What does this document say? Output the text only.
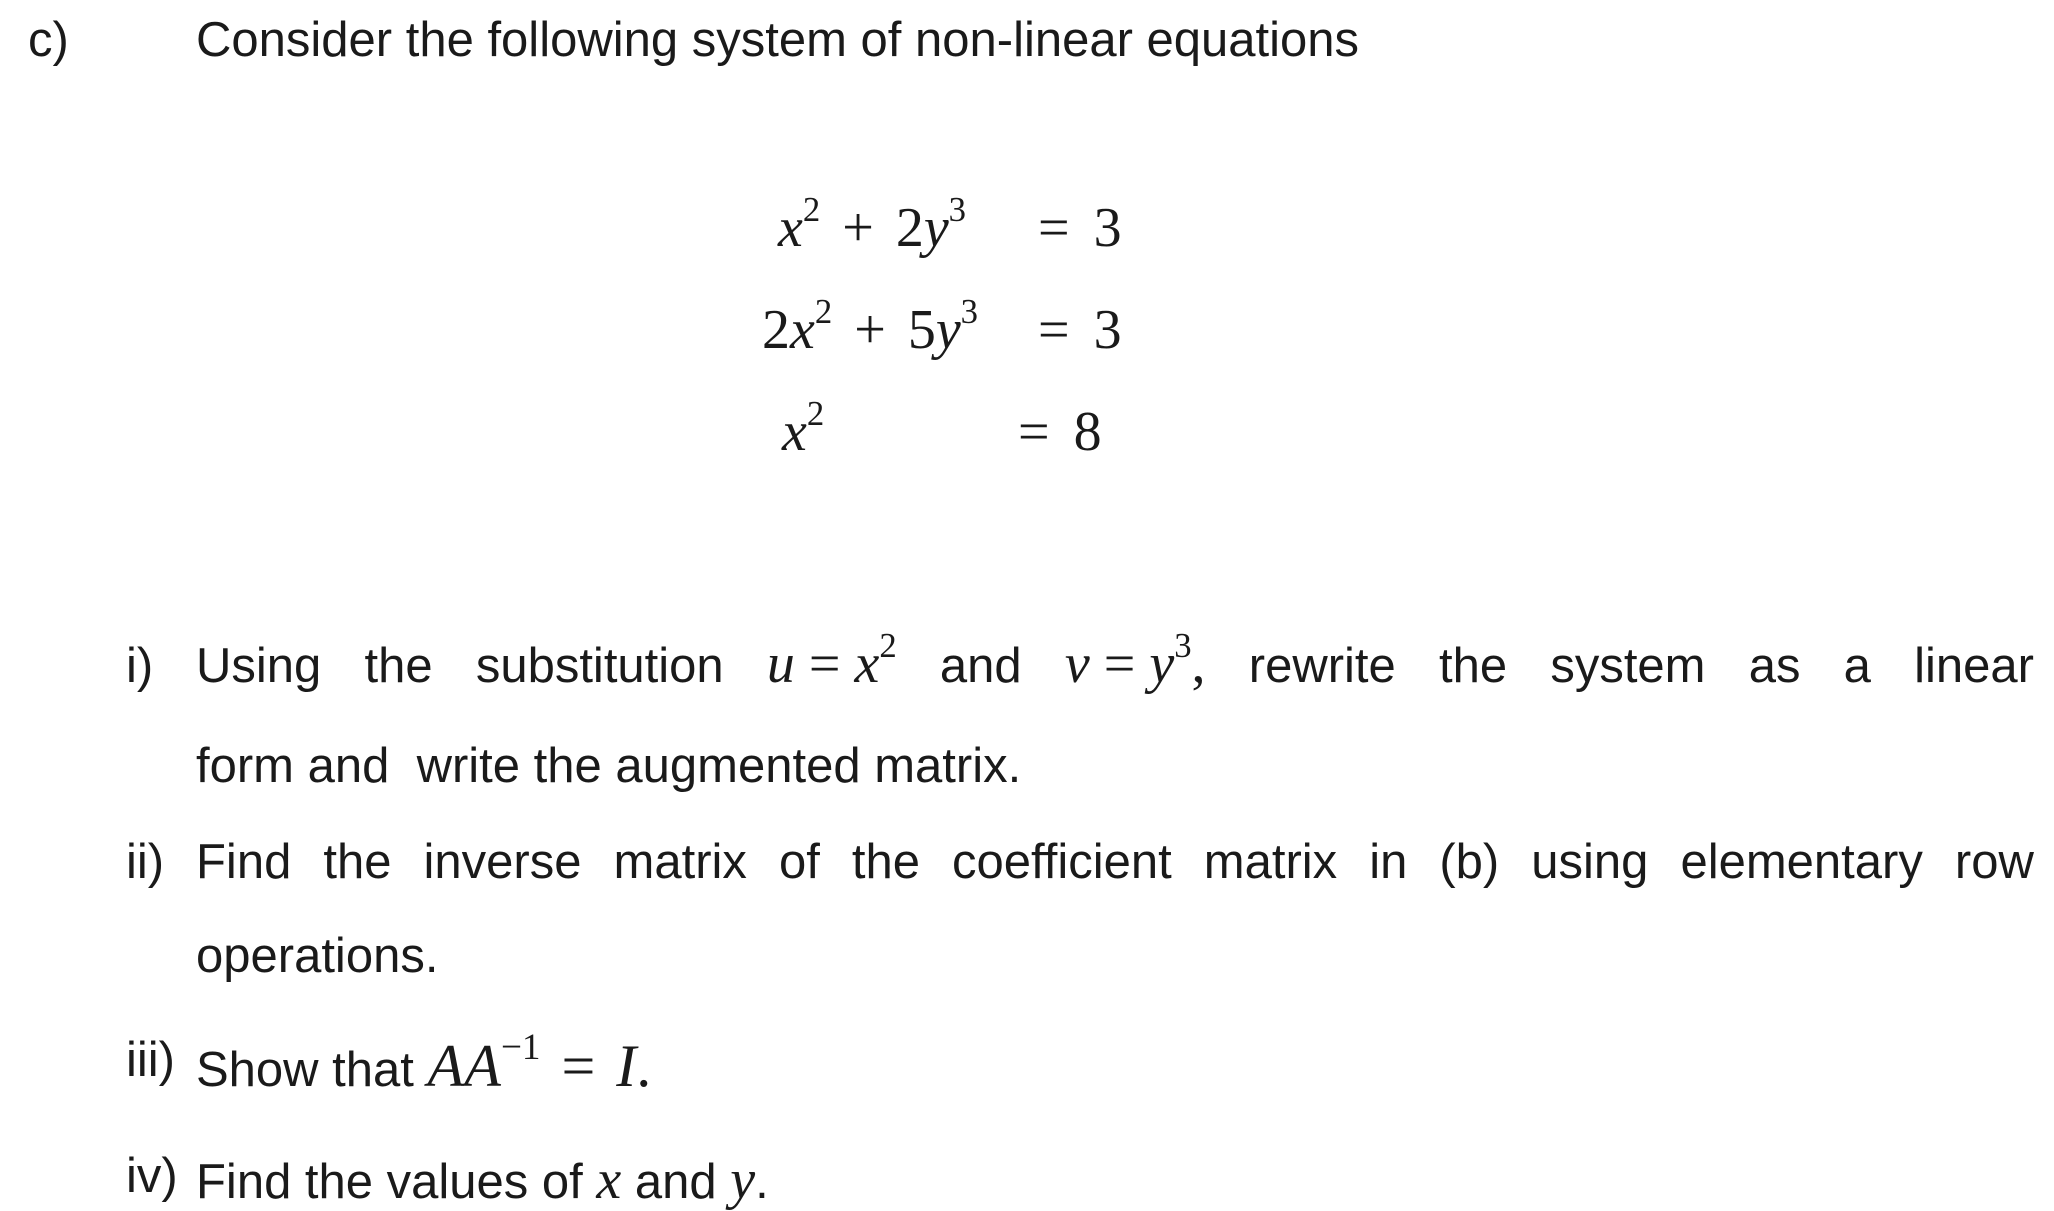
c)	Consider the following system of non-linear equations
$x^2 + 2y^3 = 3$
$2x^2 + 5y^3 = 3$
$x^2$	= 8
i) Using the substitution $u = x^2$ and $v = y^3$, rewrite the system as a linear
form and  write the augmented matrix.
ii) Find the inverse matrix of the coefficient matrix in (b) using elementary row
operations.
iii) Show that $AA^{-1} = I$.
iv) Find the values of x and y.
